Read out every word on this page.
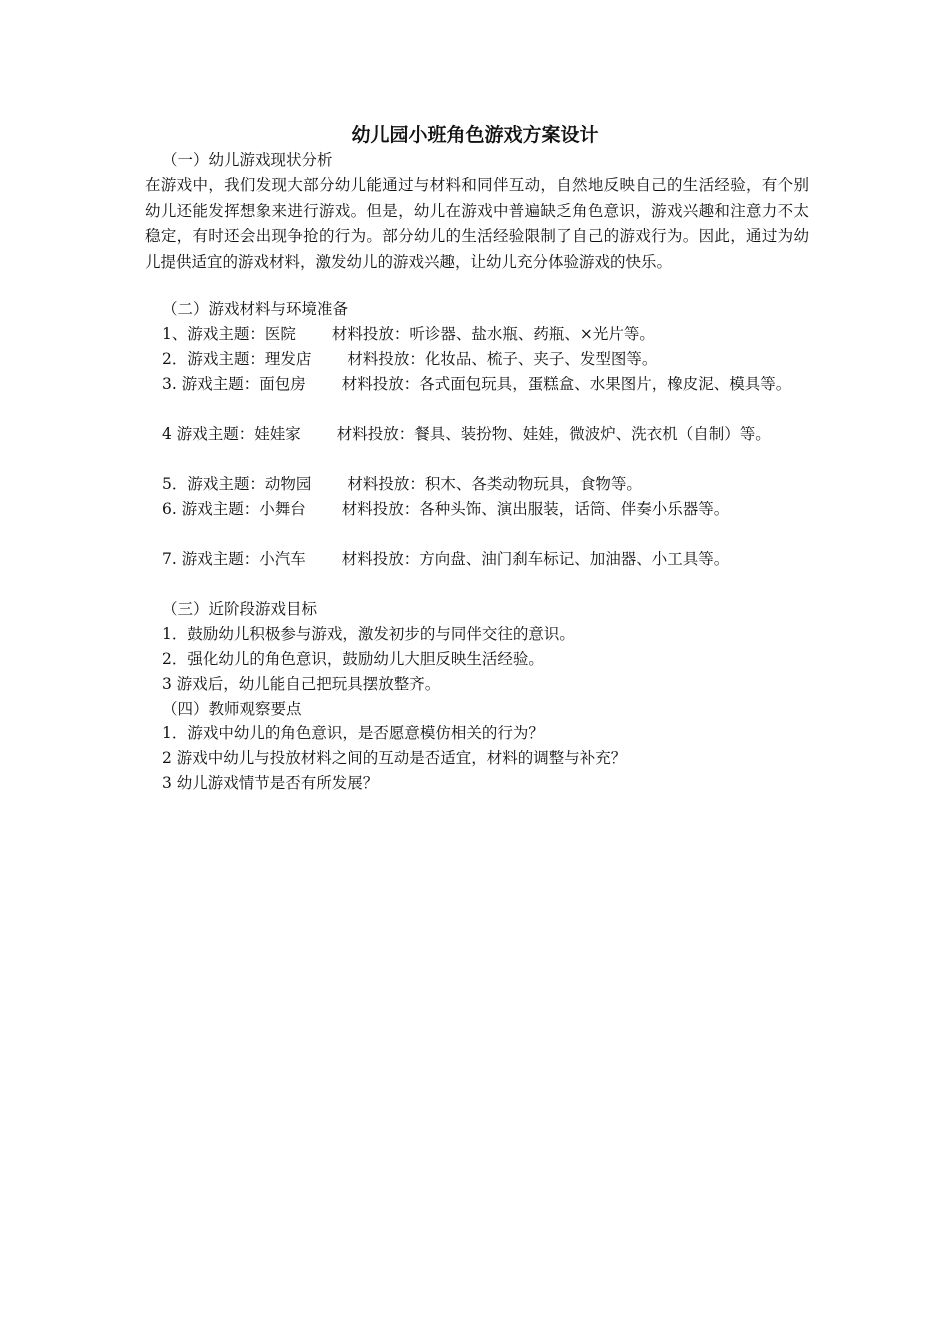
幼儿园小班角色游戏方案设计
（一）幼儿游戏现状分析
在游戏中，我们发现大部分幼儿能通过与材料和同伴互动，自然地反映自己的生活经验，有个别幼儿还能发挥想象来进行游戏。但是，幼儿在游戏中普遍缺乏角色意识，游戏兴趣和注意力不太稳定，有时还会出现争抢的行为。部分幼儿的生活经验限制了自己的游戏行为。因此，通过为幼儿提供适宜的游戏材料，激发幼儿的游戏兴趣，让幼儿充分体验游戏的快乐。
（二）游戏材料与环境准备
1、游戏主题：医院 材料投放：听诊器、盐水瓶、药瓶、×光片等。
2．游戏主题：理发店 材料投放：化妆品、梳子、夹子、发型图等。
3. 游戏主题：面包房 材料投放：各式面包玩具，蛋糕盒、水果图片，橡皮泥、模具等。
4 游戏主题：娃娃家 材料投放：餐具、装扮物、娃娃，微波炉、洗衣机（自制）等。
5．游戏主题：动物园 材料投放：积木、各类动物玩具，食物等。
6. 游戏主题：小舞台 材料投放：各种头饰、演出服装，话筒、伴奏小乐器等。
7. 游戏主题：小汽车 材料投放：方向盘、油门刹车标记、加油器、小工具等。
（三）近阶段游戏目标
1．鼓励幼儿积极参与游戏，激发初步的与同伴交往的意识。
2．强化幼儿的角色意识，鼓励幼儿大胆反映生活经验。
3 游戏后，幼儿能自己把玩具摆放整齐。
（四）教师观察要点
1．游戏中幼儿的角色意识，是否愿意模仿相关的行为？
2 游戏中幼儿与投放材料之间的互动是否适宜，材料的调整与补充？
3 幼儿游戏情节是否有所发展？
